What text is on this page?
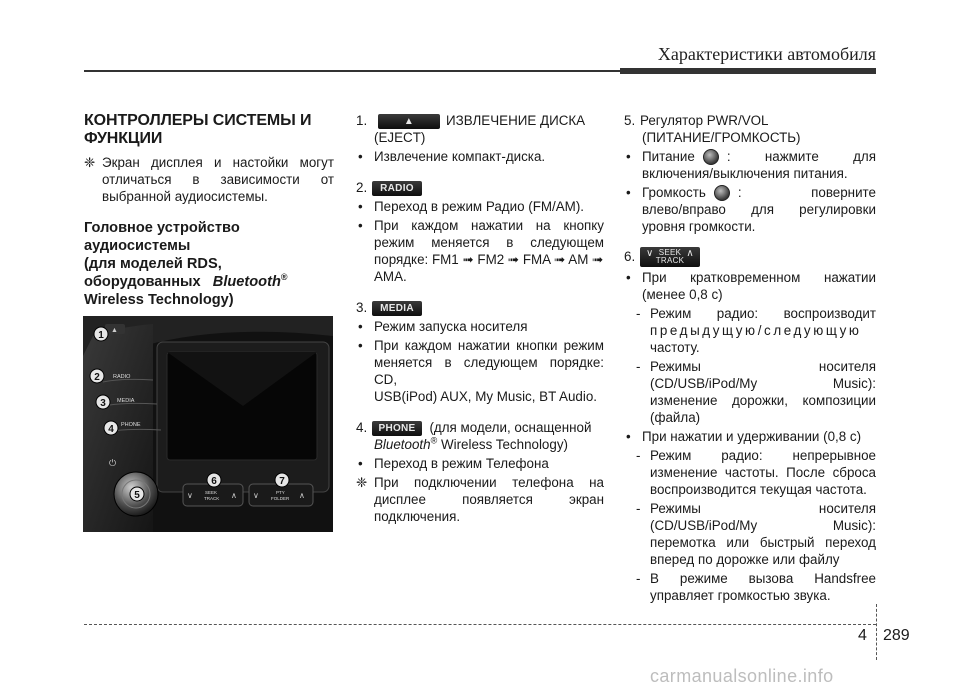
Характеристики автомобиля
КОНТРОЛЛЕРЫ СИСТЕМЫ И
ФУНКЦИИ
❈ Экран дисплея и настойки могут
отличаться в зависимости от
выбранной аудиосистемы.
Головное устройство
аудиосистемы
(для моделей RDS,
оборудованных Bluetooth®
Wireless Technology)
▲
RADIO
MEDIA
PHONE
⏻
∨	SEEK
TRACK ∧ ∨	PTY
FOLDER ∧
1
2
3
4
5
6	7
1.	▲ ИЗВЛЕЧЕНИЕ ДИСКА
(EJECT)
• Извлечение компакт-диска.
2. RADIO
• Переход в режим Радио (FM/AM).
• При каждом нажатии на кнопку
режим меняется в следующем
порядке: FM1 ➟ FM2 ➟ FMA ➟ AM ➟
AMA.
3. MEDIA
• Режим запуска носителя
• При каждом нажатии кнопки режим
меняется в следующем порядке: CD,
USB(iPod) AUX, My Music, BT Audio.
4. PHONE (для модели, оснащенной
Bluetooth® Wireless Technology)
• Переход в режим Телефона
❈ При подключении телефона на
дисплее появляется экран
подключения.
5. Регулятор PWR/VOL
(ПИТАНИЕ/ГРОМКОСТЬ)
• Питание : нажмите для
включения/выключения питания.
• Громкость : поверните
влево/вправо для регулировки
уровня громкости.
6. ∨ SEEK
TRACK
∧
• При кратковременном нажатии
(менее 0,8 с)
- Режим радио: воспроизводит
предыдущую/следующую
частоту.
- Режимы носителя
(CD/USB/iPod/My Music):
изменение дорожки, композиции
(файла)
• При нажатии и удерживании (0,8 с)
- Режим радио: непрерывное
изменение частоты. После сброса
воспроизводится текущая частота.
- Режимы носителя
(CD/USB/iPod/My Music):
перемотка или быстрый переход
вперед по дорожке или файлу
- В режиме вызова Handsfree
управляет громкостью звука.
4 289
carmanualsonline.info
